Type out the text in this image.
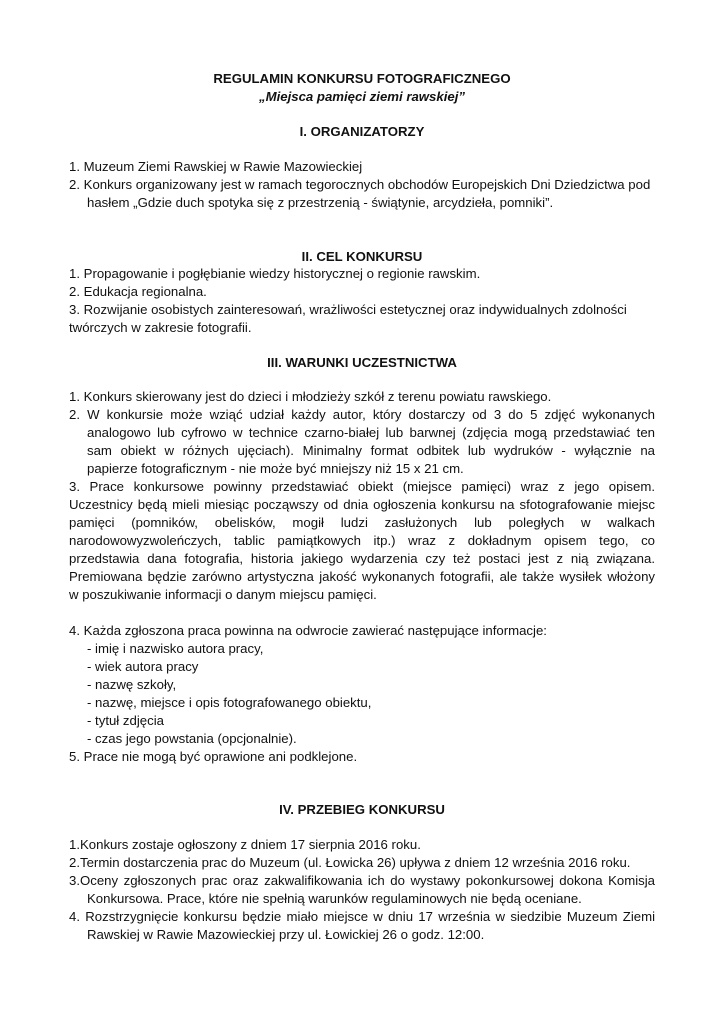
REGULAMIN KONKURSU FOTOGRAFICZNEGO

„Miejsca pamięci ziemi rawskiej”

I. ORGANIZATORZY

1. Muzeum Ziemi Rawskiej w Rawie Mazowieckiej

2. Konkurs organizowany jest w ramach tegorocznych obchodów Europejskich Dni Dziedzictwa pod

hasłem „Gdzie duch spotyka się z przestrzenią - świątynie, arcydzieła, pomniki”.

II. CEL KONKURSU

1. Propagowanie i pogłębianie wiedzy historycznej o regionie rawskim.

2. Edukacja regionalna.

3. Rozwijanie osobistych zainteresowań, wrażliwości estetycznej oraz indywidualnych zdolności

twórczych w zakresie fotografii.

III. WARUNKI UCZESTNICTWA

1. Konkurs skierowany jest do dzieci i młodzieży szkół z terenu powiatu rawskiego.

2. W konkursie może wziąć udział każdy autor, który dostarczy od 3 do 5 zdjęć wykonanych

analogowo lub cyfrowo w technice czarno-białej lub barwnej (zdjęcia mogą przedstawiać ten

sam obiekt w różnych ujęciach). Minimalny format odbitek lub wydruków - wyłącznie na

papierze fotograficznym - nie może być mniejszy niż 15 x 21 cm.

3. Prace konkursowe powinny przedstawiać obiekt (miejsce pamięci) wraz z jego opisem.

Uczestnicy będą mieli miesiąc począwszy od dnia ogłoszenia konkursu na sfotografowanie miejsc

pamięci (pomników, obelisków, mogił ludzi zasłużonych lub poległych w walkach

narodowowyzwoleńczych, tablic pamiątkowych itp.) wraz z dokładnym opisem tego, co

przedstawia dana fotografia, historia jakiego wydarzenia czy też postaci jest z nią związana.

Premiowana będzie zarówno artystyczna jakość wykonanych fotografii, ale także wysiłek włożony

w poszukiwanie informacji o danym miejscu pamięci.

4. Każda zgłoszona praca powinna na odwrocie zawierać następujące informacje:

- imię i nazwisko autora pracy,

- wiek autora pracy

- nazwę szkoły,

- nazwę, miejsce i opis fotografowanego obiektu,

- tytuł zdjęcia

- czas jego powstania (opcjonalnie).

5. Prace nie mogą być oprawione ani podklejone.

IV. PRZEBIEG KONKURSU

1.Konkurs zostaje ogłoszony z dniem 17 sierpnia 2016 roku.

2.Termin dostarczenia prac do Muzeum (ul. Łowicka 26) upływa z dniem 12 września 2016 roku.

3.Oceny zgłoszonych prac oraz zakwalifikowania ich do wystawy pokonkursowej dokona Komisja

Konkursowa. Prace, które nie spełnią warunków regulaminowych nie będą oceniane.

4. Rozstrzygnięcie konkursu będzie miało miejsce w dniu 17 września w siedzibie Muzeum Ziemi

Rawskiej w Rawie Mazowieckiej przy ul. Łowickiej 26 o godz. 12:00.
